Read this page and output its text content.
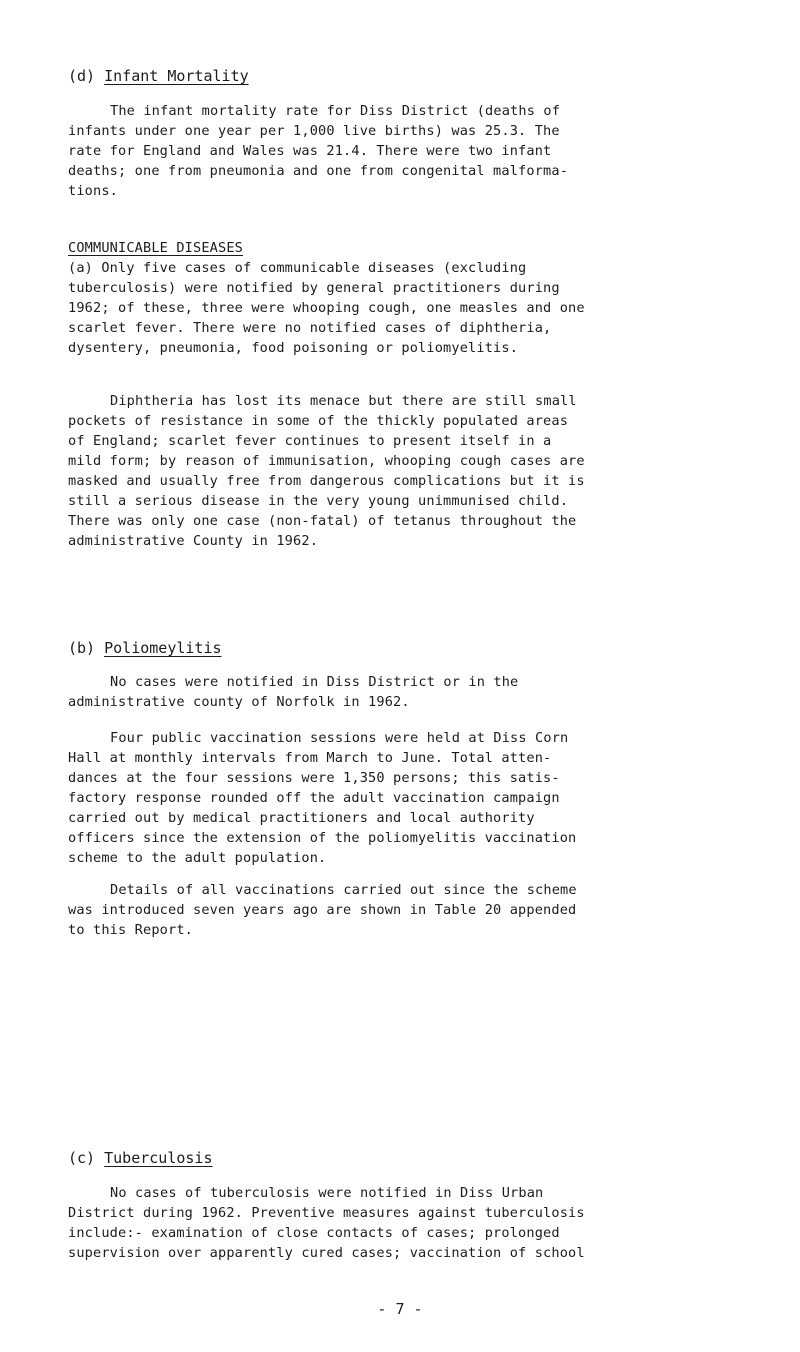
(d) Infant Mortality
The infant mortality rate for Diss District (deaths of
infants under one year per 1,000 live births) was 25.3. The
rate for England and Wales was 21.4. There were two infant
deaths; one from pneumonia and one from congenital malforma-
tions.
COMMUNICABLE DISEASES
(a) Only five cases of communicable diseases (excluding
tuberculosis) were notified by general practitioners during
1962; of these, three were whooping cough, one measles and one
scarlet fever. There were no notified cases of diphtheria,
dysentery, pneumonia, food poisoning or poliomyelitis.
Diphtheria has lost its menace but there are still small
pockets of resistance in some of the thickly populated areas
of England; scarlet fever continues to present itself in a
mild form; by reason of immunisation, whooping cough cases are
masked and usually free from dangerous complications but it is
still a serious disease in the very young unimmunised child.
There was only one case (non-fatal) of tetanus throughout the
administrative County in 1962.
(b) Poliomeylitis
No cases were notified in Diss District or in the
administrative county of Norfolk in 1962.
Four public vaccination sessions were held at Diss Corn
Hall at monthly intervals from March to June. Total atten-
dances at the four sessions were 1,350 persons; this satis-
factory response rounded off the adult vaccination campaign
carried out by medical practitioners and local authority
officers since the extension of the poliomyelitis vaccination
scheme to the adult population.
Details of all vaccinations carried out since the scheme
was introduced seven years ago are shown in Table 20 appended
to this Report.
(c) Tuberculosis
No cases of tuberculosis were notified in Diss Urban
District during 1962. Preventive measures against tuberculosis
include:- examination of close contacts of cases; prolonged
supervision over apparently cured cases; vaccination of school
- 7 -
